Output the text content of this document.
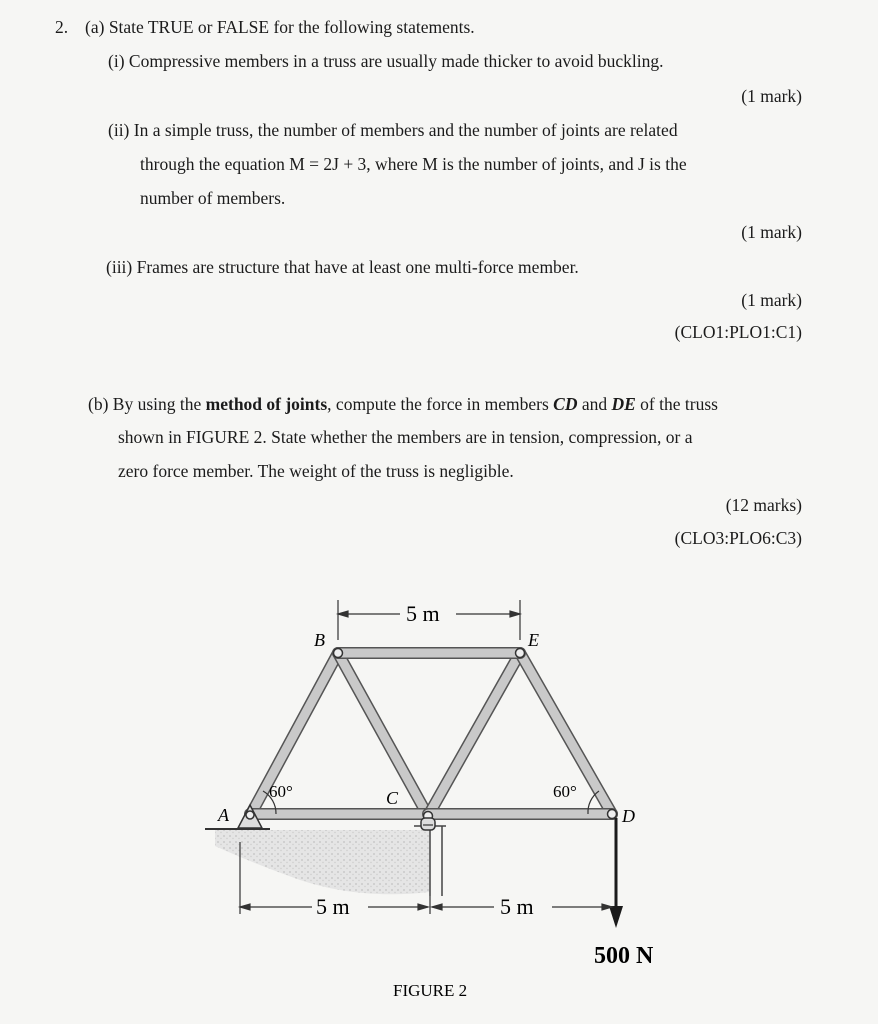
2. (a) State TRUE or FALSE for the following statements.
(i) Compressive members in a truss are usually made thicker to avoid buckling.
(1 mark)
(ii) In a simple truss, the number of members and the number of joints are related
through the equation M = 2J + 3, where M is the number of joints, and J is the
number of members.
(1 mark)
(iii) Frames are structure that have at least one multi-force member.
(1 mark)
(CLO1:PLO1:C1)
(b) By using the method of joints, compute the force in members CD and DE of the truss
shown in FIGURE 2. State whether the members are in tension, compression, or a
zero force member. The weight of the truss is negligible.
(12 marks)
(CLO3:PLO6:C3)
B	E
A
C
D
60°	60°
5 m
5 m	5 m
500 N
FIGURE 2
